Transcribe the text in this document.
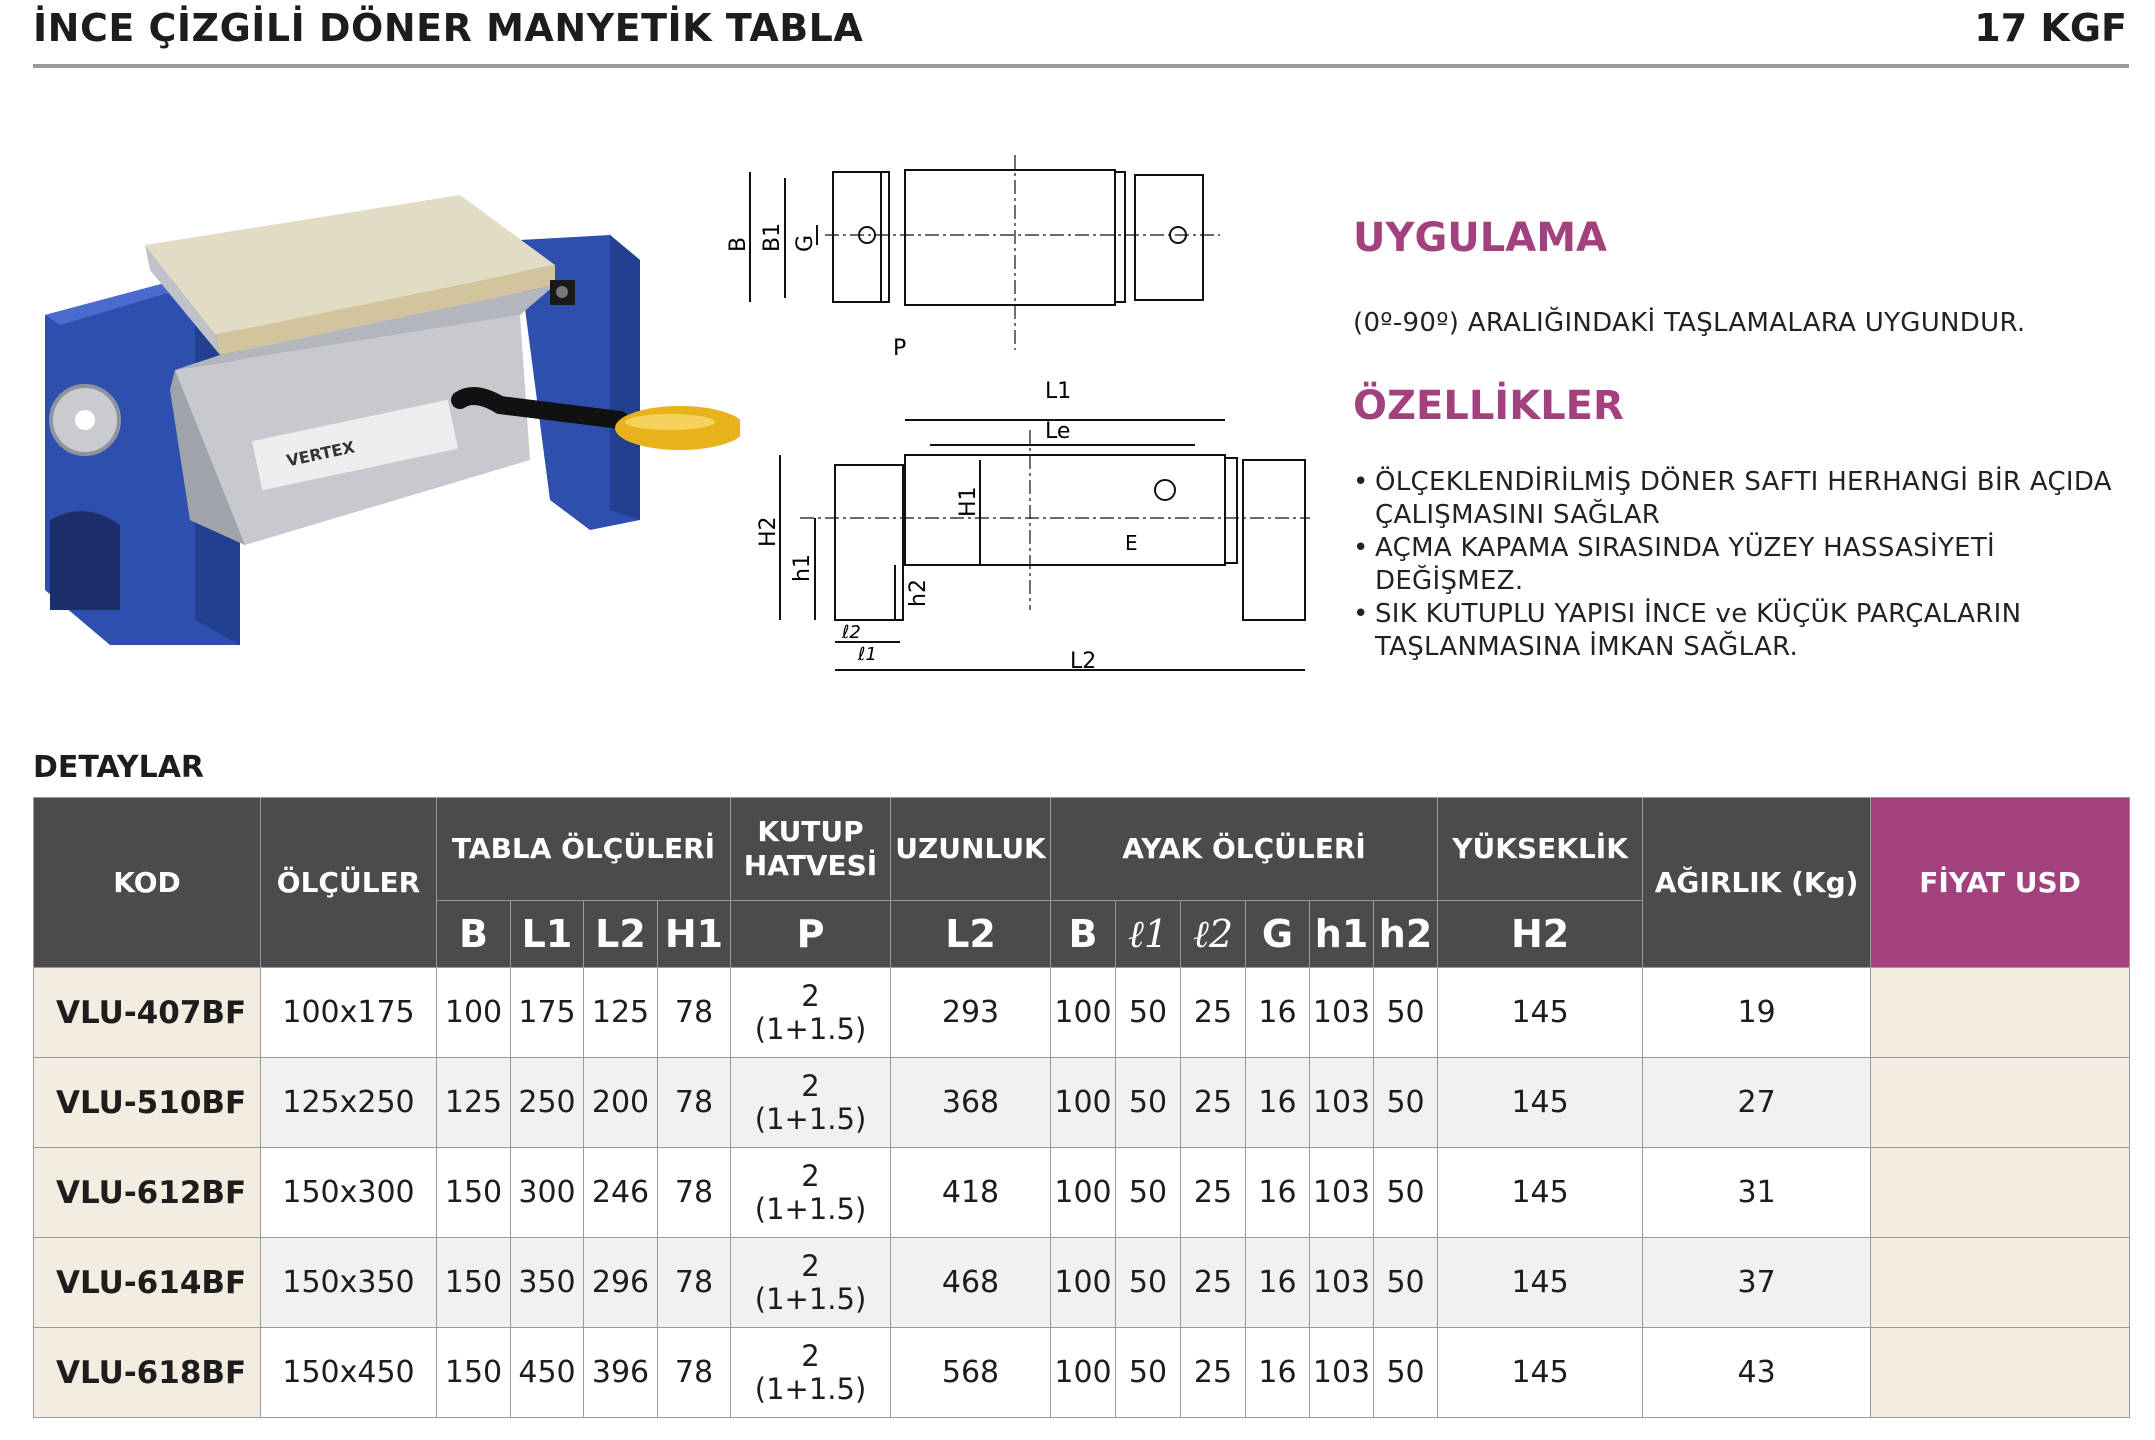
İNCE ÇİZGİLİ DÖNER MANYETİK TABLA	17 KGF
VERTEX
B B1 G
P
L1
Le
H2
H1
h1
h2
ℓ2
ℓ1
E
L2
UYGULAMA
(0º-90º) ARALIĞINDAKİ TAŞLAMALARA UYGUNDUR.
ÖZELLİKLER
• ÖLÇEKLENDİRİLMİŞ DÖNER SAFTI HERHANGİ BİR AÇIDA ÇALIŞMASINI SAĞLAR
• AÇMA KAPAMA SIRASINDA YÜZEY HASSASİYETİ DEĞİŞMEZ.
• SIK KUTUPLU YAPISI İNCE ve KÜÇÜK PARÇALARIN TAŞLANMASINA İMKAN SAĞLAR.
DETAYLAR
KOD	ÖLÇÜLER	TABLA ÖLÇÜLERİ				KUTUP HATVESİ	UZUNLUK	AYAK ÖLÇÜLERİ						YÜKSEKLİK	AĞIRLIK (Kg)	FİYAT USD
		B	L1	L2	H1	P	L2	B	ℓ1	ℓ2	G	h1	h2	H2		
VLU-407BF	100x175	100	175	125	78	2
(1+1.5)	293	100	50	25	16	103	50	145	19	
VLU-510BF	125x250	125	250	200	78	2
(1+1.5)	368	100	50	25	16	103	50	145	27	
VLU-612BF	150x300	150	300	246	78	2
(1+1.5)	418	100	50	25	16	103	50	145	31	
VLU-614BF	150x350	150	350	296	78	2
(1+1.5)	468	100	50	25	16	103	50	145	37	
VLU-618BF	150x450	150	450	396	78	2
(1+1.5)	568	100	50	25	16	103	50	145	43	
